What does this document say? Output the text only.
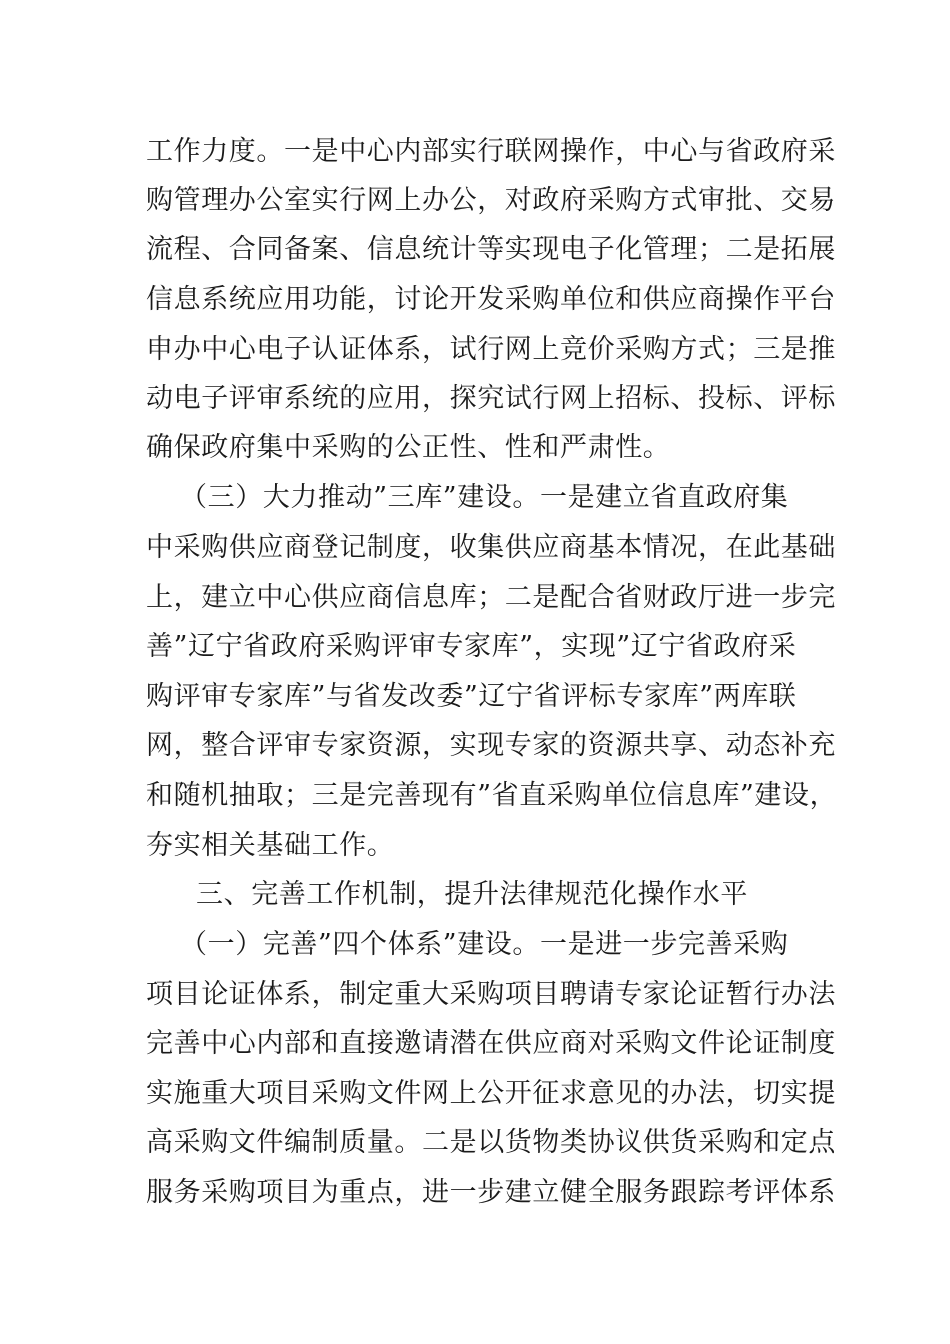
工作力度。一是中心内部实行联网操作，中心与省政府采
购管理办公室实行网上办公，对政府采购方式审批、交易
流程、合同备案、信息统计等实现电子化管理；二是拓展
信息系统应用功能，讨论开发采购单位和供应商操作平台
申办中心电子认证体系，试行网上竞价采购方式；三是推
动电子评审系统的应用，探究试行网上招标、投标、评标
确保政府集中采购的公正性、性和严肃性。
（三）大力推动”三库”建设。一是建立省直政府集
中采购供应商登记制度，收集供应商基本情况，在此基础
上，建立中心供应商信息库；二是配合省财政厅进一步完
善”辽宁省政府采购评审专家库”，实现”辽宁省政府采
购评审专家库”与省发改委”辽宁省评标专家库”两库联
网，整合评审专家资源，实现专家的资源共享、动态补充
和随机抽取；三是完善现有”省直采购单位信息库”建设，
夯实相关基础工作。
三、完善工作机制，提升法律规范化操作水平
（一）完善”四个体系”建设。一是进一步完善采购
项目论证体系，制定重大采购项目聘请专家论证暂行办法
完善中心内部和直接邀请潜在供应商对采购文件论证制度
实施重大项目采购文件网上公开征求意见的办法，切实提
高采购文件编制质量。二是以货物类协议供货采购和定点
服务采购项目为重点，进一步建立健全服务跟踪考评体系
